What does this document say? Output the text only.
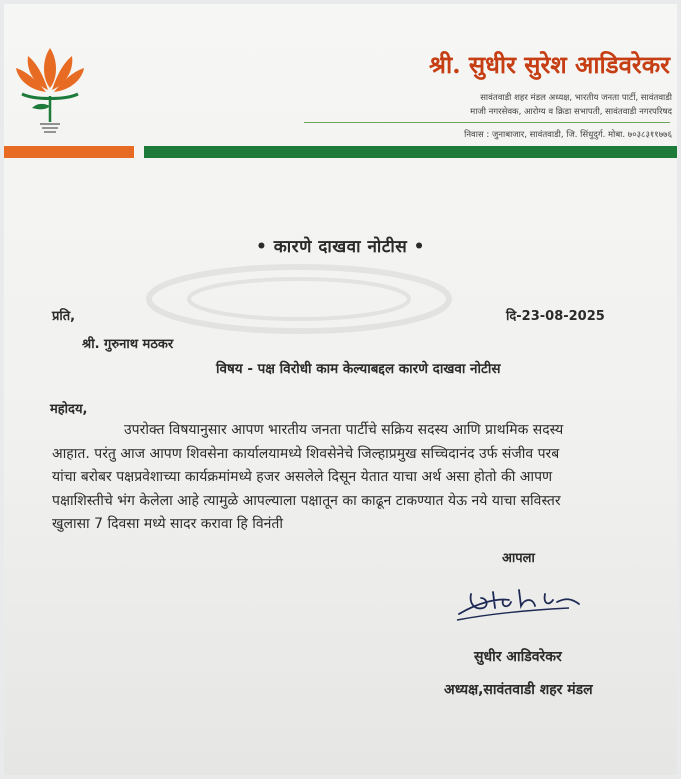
श्री. सुधीर सुरेश आडिवरेकर
सावंतवाडी शहर मंडल अध्यक्ष, भारतीय जनता पार्टी, सावंतवाडी
माजी नगरसेवक, आरोग्य व क्रिडा सभापती, सावंतवाडी नगरपरिषद
निवास : जुनाबाजार, सावंतवाडी, जि. सिंधुदुर्ग. मोबा. ७०३८३११७७६
• कारणे दाखवा नोटीस •
प्रति,	दि-23-08-2025
श्री. गुरुनाथ मठकर
विषय - पक्ष विरोधी काम केल्याबद्दल कारणे दाखवा नोटीस
महोदय,

उपरोक्त विषयानुसार आपण भारतीय जनता पार्टीचे सक्रिय सदस्य आणि प्राथमिक सदस्य

आहात. परंतु आज आपण शिवसेना कार्यालयामध्ये शिवसेनेचे जिल्हाप्रमुख सच्चिदानंद उर्फ संजीव परब

यांचा बरोबर पक्षप्रवेशाच्या कार्यक्रमांमध्ये हजर असलेले दिसून येतात याचा अर्थ असा होतो की आपण

पक्षाशिस्तीचे भंग केलेला आहे त्यामुळे आपल्याला पक्षातून का काढून टाकण्यात येऊ नये याचा सविस्तर

खुलासा 7 दिवसा मध्ये सादर करावा हि विनंती

आपला
सुधीर आडिवरेकर
अध्यक्ष,सावंतवाडी शहर मंडल
